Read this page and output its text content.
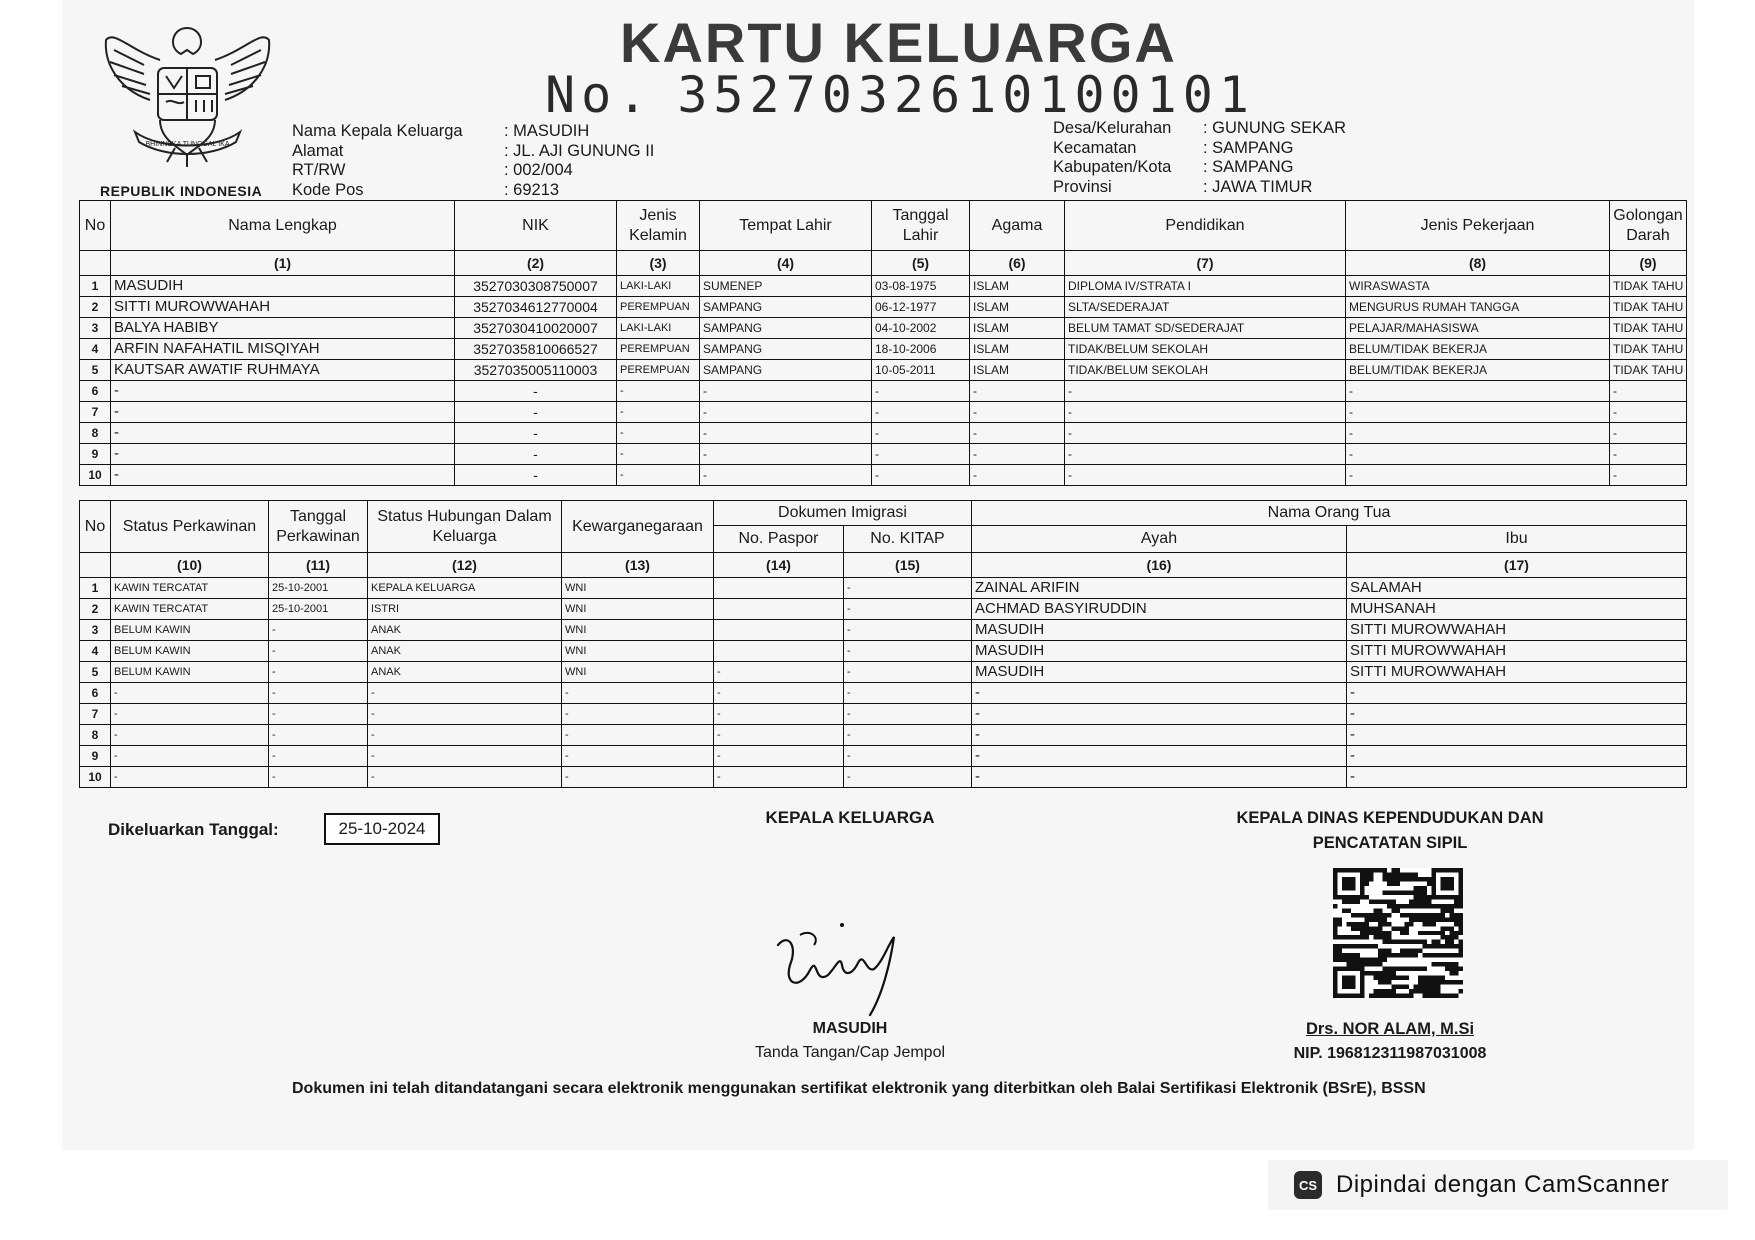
BHINNEKA TUNGGAL IKA
REPUBLIK INDONESIA
KARTU KELUARGA
No. 3527032610100101
Nama Kepala Keluarga	: MASUDIH
Alamat	: JL. AJI GUNUNG II
RT/RW	: 002/004
Kode Pos	: 69213
Desa/Kelurahan	: GUNUNG SEKAR
Kecamatan	: SAMPANG
Kabupaten/Kota	: SAMPANG
Provinsi	: JAWA TIMUR
No	Nama Lengkap	NIK	Jenis Kelamin	Tempat Lahir	Tanggal Lahir	Agama	Pendidikan	Jenis Pekerjaan	Golongan Darah
	(1)	(2)	(3)	(4)	(5)	(6)	(7)	(8)	(9)
1	MASUDIH	3527030308750007	LAKI-LAKI	SUMENEP	03-08-1975	ISLAM	DIPLOMA IV/STRATA I	WIRASWASTA	TIDAK TAHU
2	SITTI MUROWWAHAH	3527034612770004	PEREMPUAN	SAMPANG	06-12-1977	ISLAM	SLTA/SEDERAJAT	MENGURUS RUMAH TANGGA	TIDAK TAHU
3	BALYA HABIBY	3527030410020007	LAKI-LAKI	SAMPANG	04-10-2002	ISLAM	BELUM TAMAT SD/SEDERAJAT	PELAJAR/MAHASISWA	TIDAK TAHU
4	ARFIN NAFAHATIL MISQIYAH	3527035810066527	PEREMPUAN	SAMPANG	18-10-2006	ISLAM	TIDAK/BELUM SEKOLAH	BELUM/TIDAK BEKERJA	TIDAK TAHU
5	KAUTSAR AWATIF RUHMAYA	3527035005110003	PEREMPUAN	SAMPANG	10-05-2011	ISLAM	TIDAK/BELUM SEKOLAH	BELUM/TIDAK BEKERJA	TIDAK TAHU
6	-	-	-	-	-	-	-	-	-
7	-	-	-	-	-	-	-	-	-
8	-	-	-	-	-	-	-	-	-
9	-	-	-	-	-	-	-	-	-
10	-	-	-	-	-	-	-	-	-
No	Status Perkawinan	Tanggal Perkawinan	Status Hubungan Dalam Keluarga	Kewarganegaraan	Dokumen Imigrasi		Nama Orang Tua	
					No. Paspor	No. KITAP	Ayah	Ibu
	(10)	(11)	(12)	(13)	(14)	(15)	(16)	(17)
1	KAWIN TERCATAT	25-10-2001	KEPALA KELUARGA	WNI		-	ZAINAL ARIFIN	SALAMAH
2	KAWIN TERCATAT	25-10-2001	ISTRI	WNI		-	ACHMAD BASYIRUDDIN	MUHSANAH
3	BELUM KAWIN	-	ANAK	WNI		-	MASUDIH	SITTI MUROWWAHAH
4	BELUM KAWIN	-	ANAK	WNI		-	MASUDIH	SITTI MUROWWAHAH
5	BELUM KAWIN	-	ANAK	WNI	-	-	MASUDIH	SITTI MUROWWAHAH
6	-	-	-	-	-	-	-	-
7	-	-	-	-	-	-	-	-
8	-	-	-	-	-	-	-	-
9	-	-	-	-	-	-	-	-
10	-	-	-	-	-	-	-	-
Dikeluarkan Tanggal:	25-10-2024
KEPALA KELUARGA
MASUDIH
Tanda Tangan/Cap Jempol
KEPALA DINAS KEPENDUDUKAN DAN
PENCATATAN SIPIL
Drs. NOR ALAM, M.Si
NIP. 196812311987031008
Dokumen ini telah ditandatangani secara elektronik menggunakan sertifikat elektronik yang diterbitkan oleh Balai Sertifikasi Elektronik (BSrE), BSSN
CS Dipindai dengan CamScanner
